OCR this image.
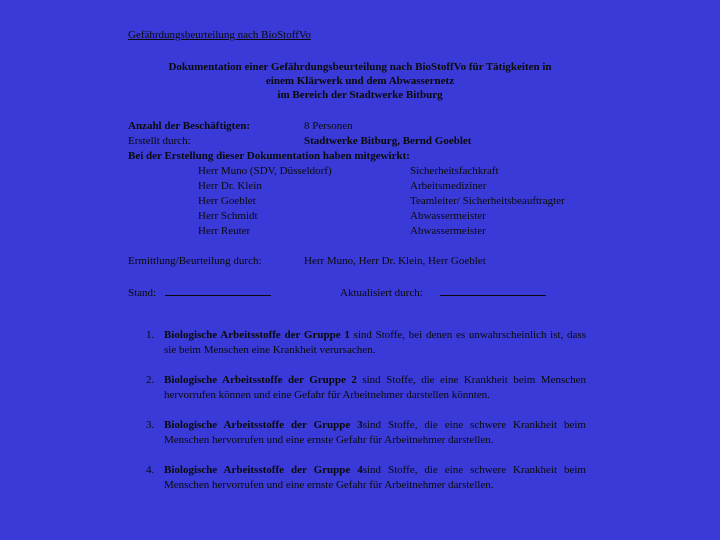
Gefährdungsbeurteilung nach BioStoffVo
Dokumentation einer Gefährdungsbeurteilung nach BioStoffVo für Tätigkeiten in
einem Klärwerk und dem Abwassernetz
im Bereich der Stadtwerke Bitburg
Anzahl der Beschäftigten:	8 Personen
Erstellt durch:	Stadtwerke Bitburg, Bernd Goeblet
Bei der Erstellung dieser Dokumentation haben mitgewirkt:
Herr Muno (SDV, Düsseldorf)	Sicherheitsfachkraft
Herr Dr. Klein	Arbeitsmediziner
Herr Goeblet	Teamleiter/ Sicherheitsbeauftragter
Herr Schmidt	Abwassermeister
Herr Reuter	Abwassermeister
Ermittlung/Beurteilung durch:	Herr Muno, Herr Dr. Klein, Herr Goeblet
Stand:	Aktualisiert durch:
1. Biologische Arbeitsstoffe der Gruppe 1 sind Stoffe, bei denen es unwahrscheinlich ist, dass sie beim Menschen eine Krankheit verursachen.
2. Biologische Arbeitsstoffe der Gruppe 2 sind Stoffe, die eine Krankheit beim Menschen hervorrufen können und eine Gefahr für Arbeitnehmer darstellen könnten.
3. Biologische Arbeitsstoffe der Gruppe 3sind Stoffe, die eine schwere Krankheit beim Menschen hervorrufen und eine ernste Gefahr für Arbeitnehmer darstellen.
4. Biologische Arbeitsstoffe der Gruppe 4sind Stoffe, die eine schwere Krankheit beim Menschen hervorrufen und eine ernste Gefahr für Arbeitnehmer darstellen.
